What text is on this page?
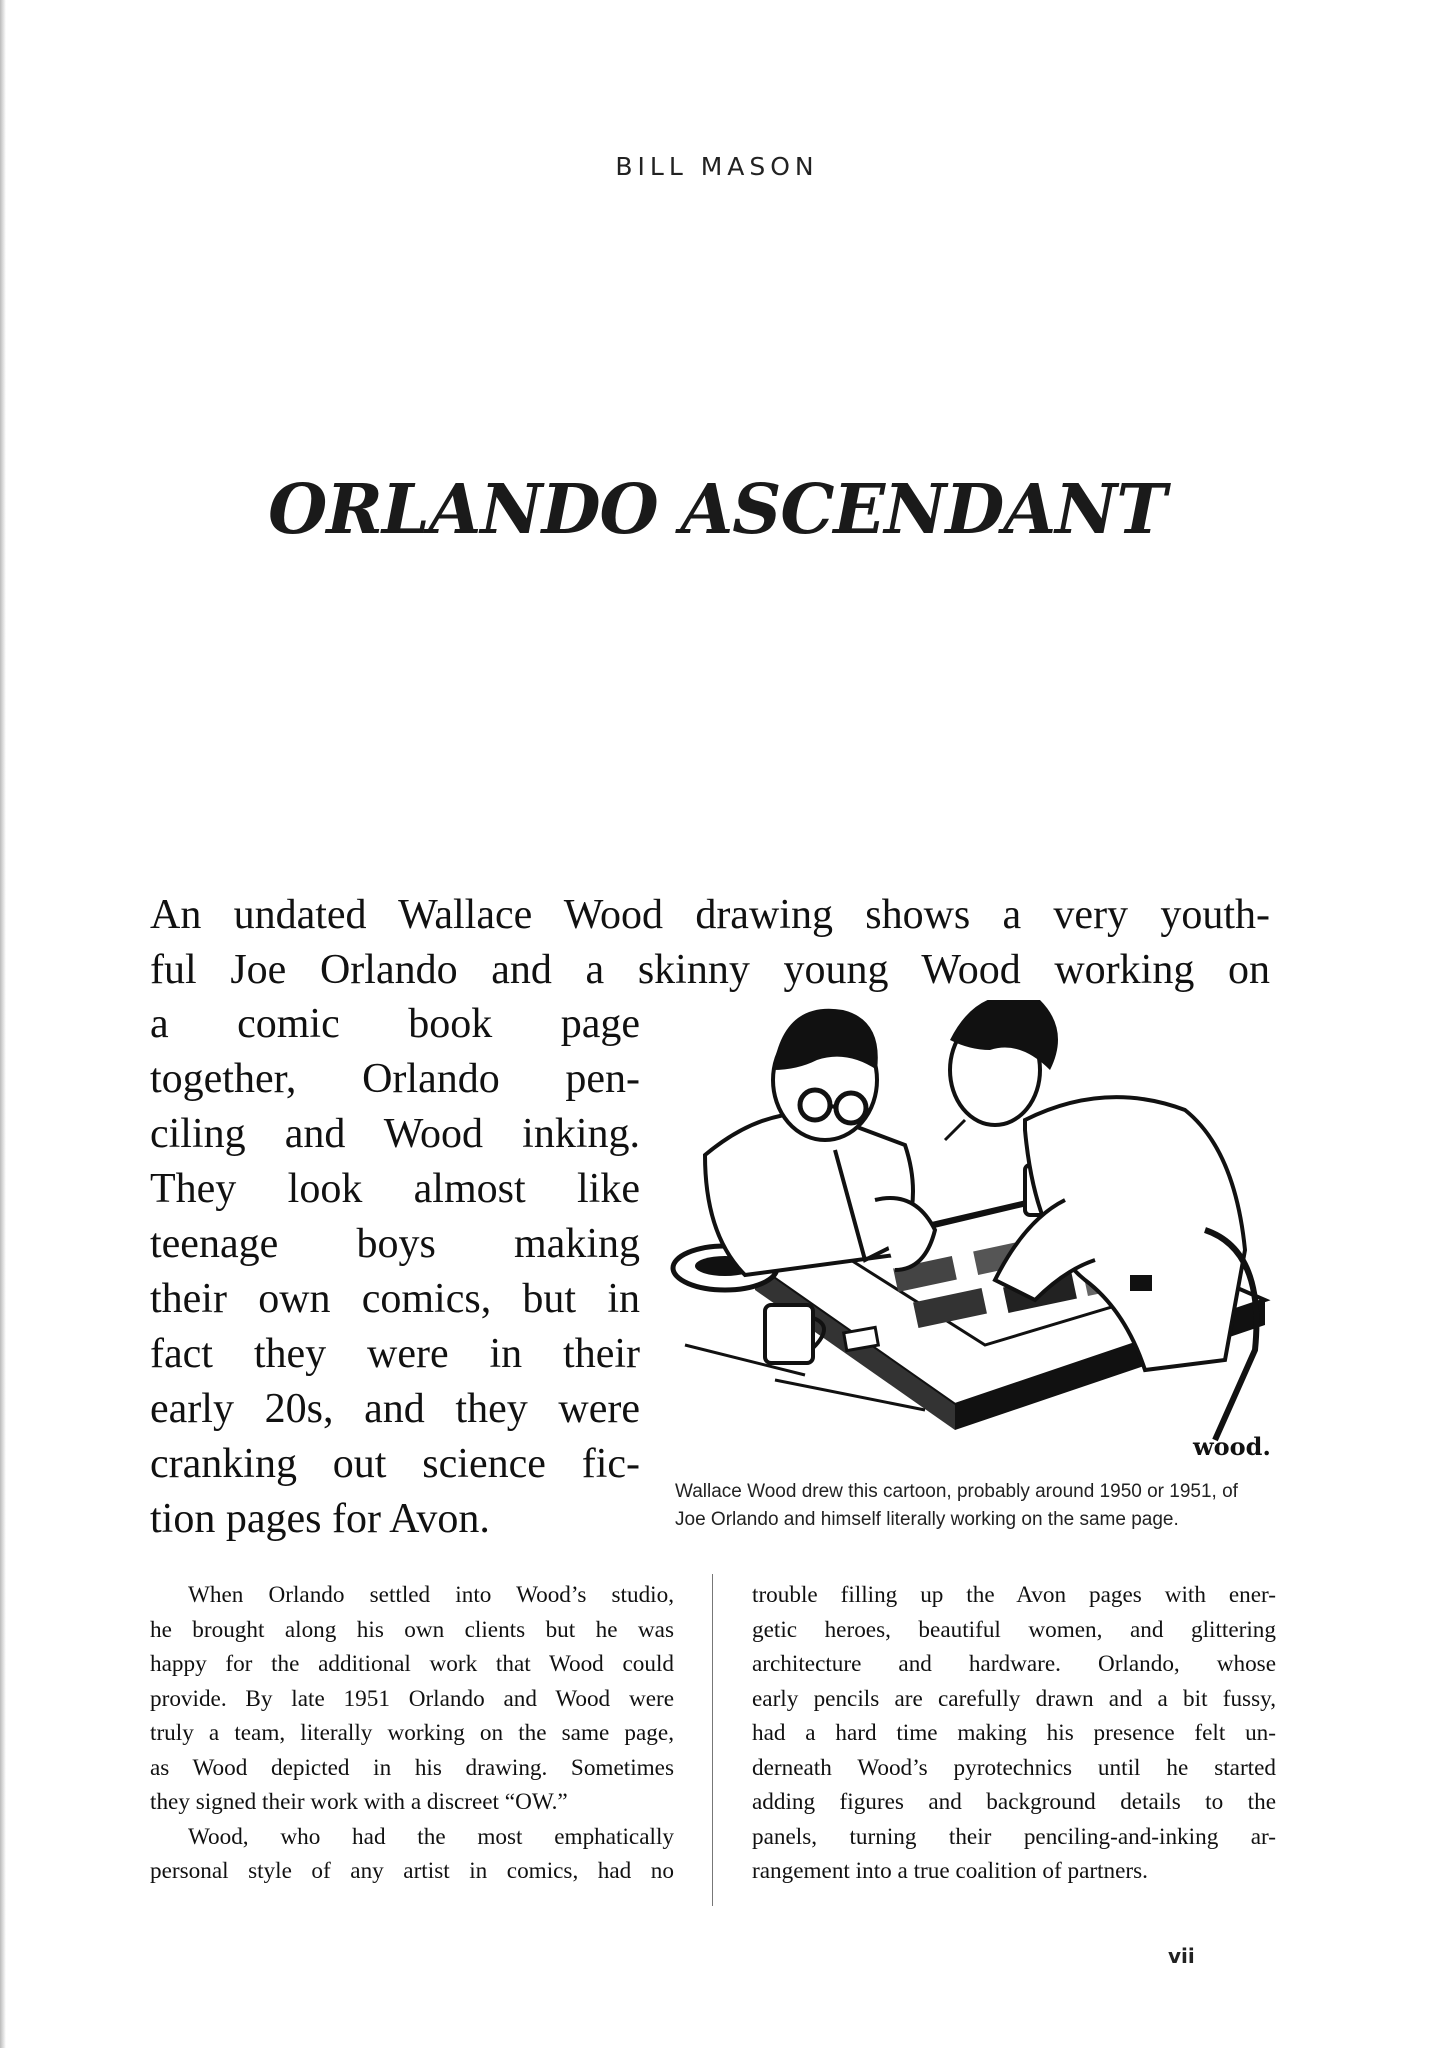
BILL MASON
ORLANDO ASCENDANT
An undated Wallace Wood drawing shows a very youth-
ful Joe Orlando and a skinny young Wood working on
a comic book page
together, Orlando pen-
ciling and Wood inking.
They look almost like
teenage boys making
their own comics, but in
fact they were in their
early 20s, and they were
cranking out science fic-
tion pages for Avon.
wood.
Wallace Wood drew this cartoon, probably around 1950 or 1951, of
Joe Orlando and himself literally working on the same page.
When Orlando settled into Wood’s studio,
he brought along his own clients but he was
happy for the additional work that Wood could
provide. By late 1951 Orlando and Wood were
truly a team, literally working on the same page,
as Wood depicted in his drawing. Sometimes
they signed their work with a discreet “OW.”
Wood, who had the most emphatically
personal style of any artist in comics, had no
trouble filling up the Avon pages with ener-
getic heroes, beautiful women, and glittering
architecture and hardware. Orlando, whose
early pencils are carefully drawn and a bit fussy,
had a hard time making his presence felt un-
derneath Wood’s pyrotechnics until he started
adding figures and background details to the
panels, turning their penciling-and-inking ar-
rangement into a true coalition of partners.
vii
